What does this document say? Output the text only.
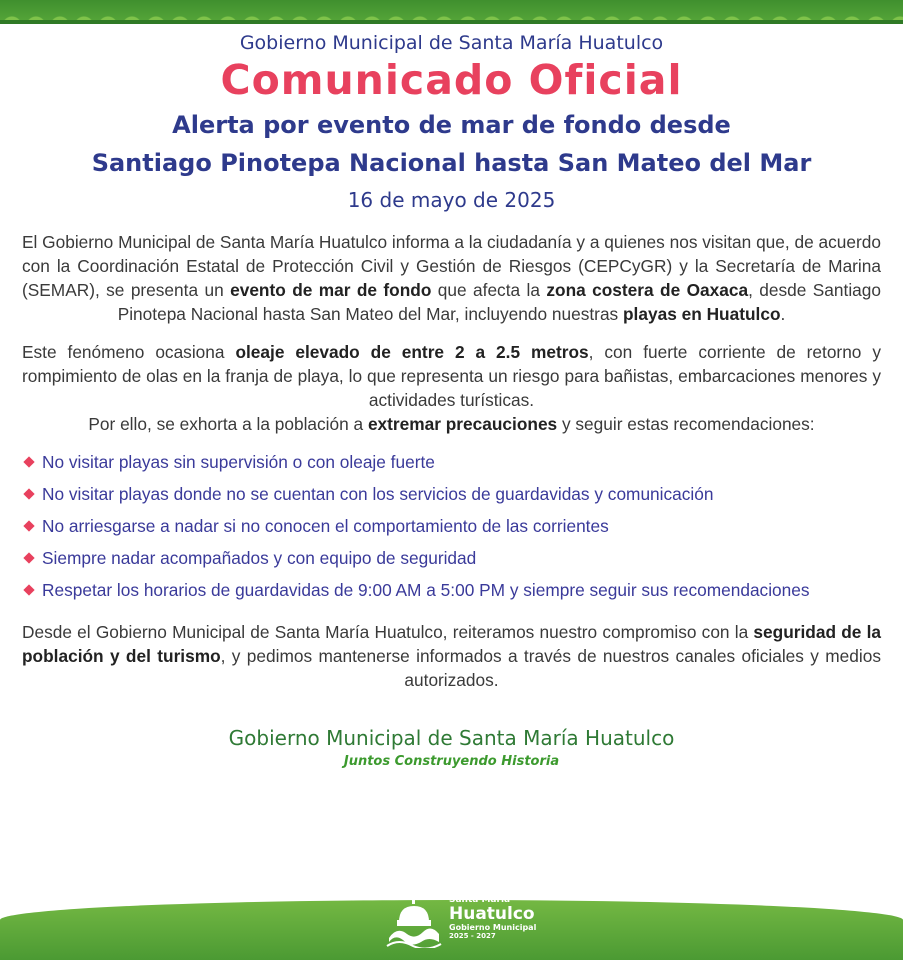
Gobierno Municipal de Santa María Huatulco
Comunicado Oficial
Alerta por evento de mar de fondo desde
Santiago Pinotepa Nacional hasta San Mateo del Mar
16 de mayo de 2025

El Gobierno Municipal de Santa María Huatulco informa a la ciudadanía y a quienes nos visitan que, de acuerdo con la Coordinación Estatal de Protección Civil y Gestión de Riesgos (CEPCyGR) y la Secretaría de Marina (SEMAR), se presenta un evento de mar de fondo que afecta la zona costera de Oaxaca, desde Santiago Pinotepa Nacional hasta San Mateo del Mar, incluyendo nuestras playas en Huatulco.

Este fenómeno ocasiona oleaje elevado de entre 2 a 2.5 metros, con fuerte corriente de retorno y rompimiento de olas en la franja de playa, lo que representa un riesgo para bañistas, embarcaciones menores y actividades turísticas.

Por ello, se exhorta a la población a extremar precauciones y seguir estas recomendaciones:

No visitar playas sin supervisión o con oleaje fuerte
No visitar playas donde no se cuentan con los servicios de guardavidas y comunicación
No arriesgarse a nadar si no conocen el comportamiento de las corrientes
Siempre nadar acompañados y con equipo de seguridad
Respetar los horarios de guardavidas de 9:00 AM a 5:00 PM y siempre seguir sus recomendaciones

Desde el Gobierno Municipal de Santa María Huatulco, reiteramos nuestro compromiso con la seguridad de la población y del turismo, y pedimos mantenerse informados a través de nuestros canales oficiales y medios autorizados.

Gobierno Municipal de Santa María Huatulco
Juntos Construyendo Historia
Santa María
Huatulco
Gobierno Municipal
2025 - 2027
